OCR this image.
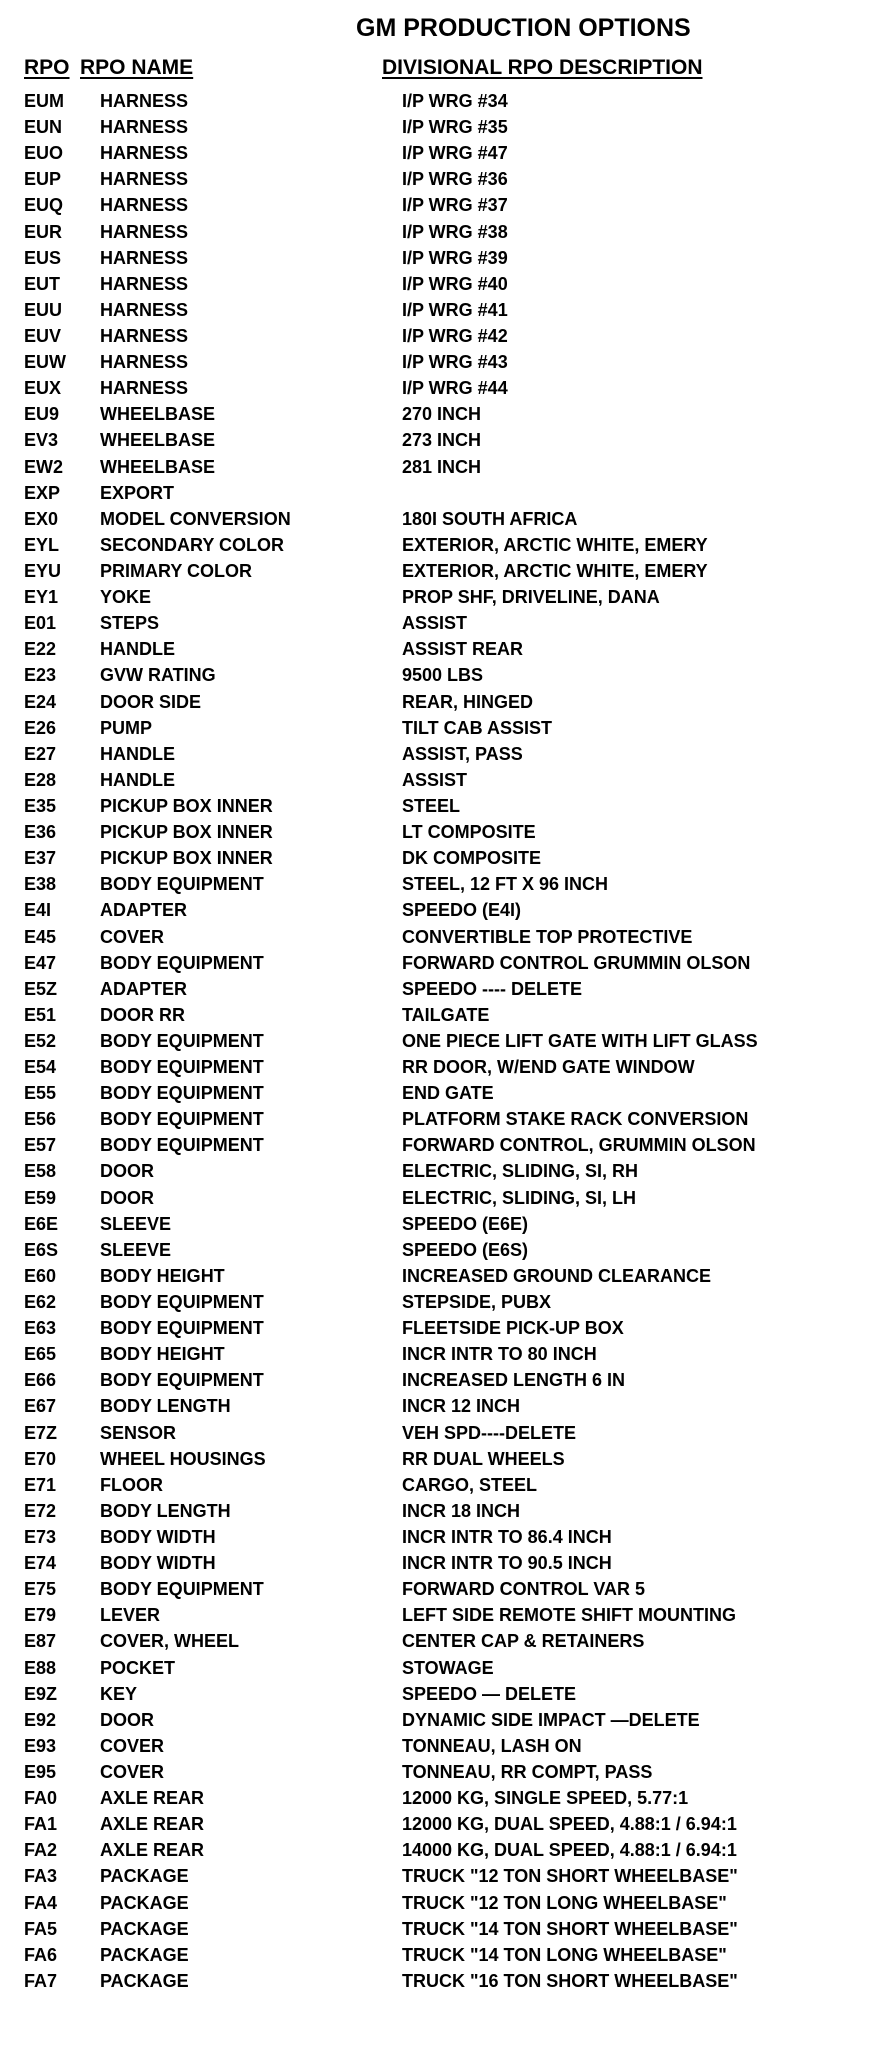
GM PRODUCTION OPTIONS
RPO RPO NAME	DIVISIONAL RPO DESCRIPTION
EUM HARNESS	I/P WRG #34
EUN HARNESS	I/P WRG #35
EUO HARNESS	I/P WRG #47
EUP HARNESS	I/P WRG #36
EUQ HARNESS	I/P WRG #37
EUR HARNESS	I/P WRG #38
EUS HARNESS	I/P WRG #39
EUT HARNESS	I/P WRG #40
EUU HARNESS	I/P WRG #41
EUV HARNESS	I/P WRG #42
EUW HARNESS	I/P WRG #43
EUX HARNESS	I/P WRG #44
EU9 WHEELBASE	270 INCH
EV3 WHEELBASE	273 INCH
EW2 WHEELBASE	281 INCH
EXP EXPORT
EX0 MODEL CONVERSION	180I SOUTH AFRICA
EYL SECONDARY COLOR	EXTERIOR, ARCTIC WHITE, EMERY
EYU PRIMARY COLOR	EXTERIOR, ARCTIC WHITE, EMERY
EY1 YOKE	PROP SHF, DRIVELINE, DANA
E01 STEPS	ASSIST
E22 HANDLE	ASSIST REAR
E23 GVW RATING	9500 LBS
E24 DOOR SIDE	REAR, HINGED
E26 PUMP	TILT CAB ASSIST
E27 HANDLE	ASSIST, PASS
E28 HANDLE	ASSIST
E35 PICKUP BOX INNER	STEEL
E36 PICKUP BOX INNER	LT COMPOSITE
E37 PICKUP BOX INNER	DK COMPOSITE
E38 BODY EQUIPMENT	STEEL, 12 FT X 96 INCH
E4I	ADAPTER	SPEEDO (E4I)
E45 COVER	CONVERTIBLE TOP PROTECTIVE
E47 BODY EQUIPMENT	FORWARD CONTROL GRUMMIN OLSON
E5Z ADAPTER	SPEEDO ---- DELETE
E51 DOOR RR	TAILGATE
E52 BODY EQUIPMENT	ONE PIECE LIFT GATE WITH LIFT GLASS
E54 BODY EQUIPMENT	RR DOOR, W/END GATE WINDOW
E55 BODY EQUIPMENT	END GATE
E56 BODY EQUIPMENT	PLATFORM STAKE RACK CONVERSION
E57 BODY EQUIPMENT	FORWARD CONTROL, GRUMMIN OLSON
E58 DOOR	ELECTRIC, SLIDING, SI, RH
E59 DOOR	ELECTRIC, SLIDING, SI, LH
E6E SLEEVE	SPEEDO (E6E)
E6S SLEEVE	SPEEDO (E6S)
E60 BODY HEIGHT	INCREASED GROUND CLEARANCE
E62 BODY EQUIPMENT	STEPSIDE, PUBX
E63 BODY EQUIPMENT	FLEETSIDE PICK-UP BOX
E65 BODY HEIGHT	INCR INTR TO 80 INCH
E66 BODY EQUIPMENT	INCREASED LENGTH 6 IN
E67 BODY LENGTH	INCR 12 INCH
E7Z SENSOR	VEH SPD----DELETE
E70 WHEEL HOUSINGS	RR DUAL WHEELS
E71 FLOOR	CARGO, STEEL
E72 BODY LENGTH	INCR 18 INCH
E73 BODY WIDTH	INCR INTR TO 86.4 INCH
E74 BODY WIDTH	INCR INTR TO 90.5 INCH
E75 BODY EQUIPMENT	FORWARD CONTROL VAR 5
E79 LEVER	LEFT SIDE REMOTE SHIFT MOUNTING
E87 COVER, WHEEL	CENTER CAP & RETAINERS
E88 POCKET	STOWAGE
E9Z KEY	SPEEDO — DELETE
E92 DOOR	DYNAMIC SIDE IMPACT —DELETE
E93 COVER	TONNEAU, LASH ON
E95 COVER	TONNEAU, RR COMPT, PASS
FA0 AXLE REAR	12000 KG, SINGLE SPEED, 5.77:1
FA1 AXLE REAR	12000 KG, DUAL SPEED, 4.88:1 / 6.94:1
FA2 AXLE REAR	14000 KG, DUAL SPEED, 4.88:1 / 6.94:1
FA3 PACKAGE	TRUCK "12 TON SHORT WHEELBASE"
FA4 PACKAGE	TRUCK "12 TON LONG WHEELBASE"
FA5 PACKAGE	TRUCK "14 TON SHORT WHEELBASE"
FA6 PACKAGE	TRUCK "14 TON LONG WHEELBASE"
FA7 PACKAGE	TRUCK "16 TON SHORT WHEELBASE"
